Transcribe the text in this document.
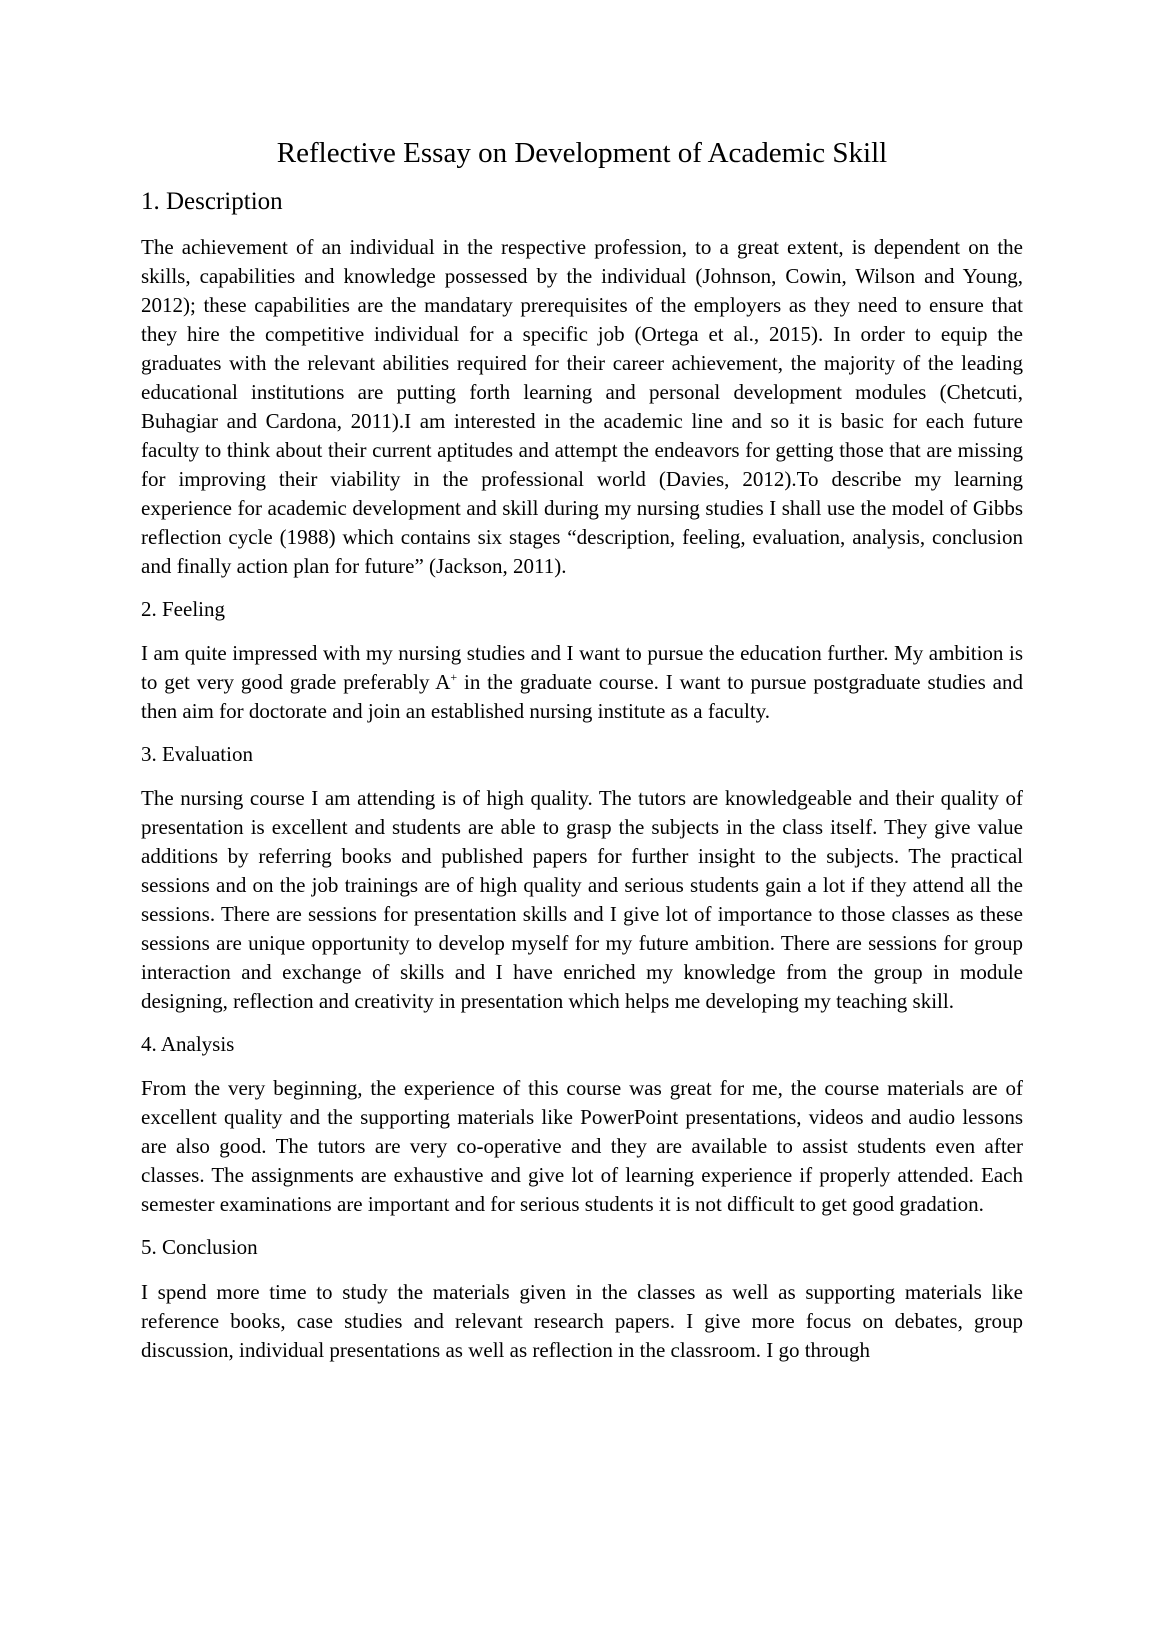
Reflective Essay on Development of Academic Skill
1. Description

The achievement of an individual in the respective profession, to a great extent, is dependent on the skills, capabilities and knowledge possessed by the individual (Johnson, Cowin, Wilson and Young, 2012); these capabilities are the mandatary prerequisites of the employers as they need to ensure that they hire the competitive individual for a specific job (Ortega et al., 2015). In order to equip the graduates with the relevant abilities required for their career achievement, the majority of the leading educational institutions are putting forth learning and personal development modules (Chetcuti, Buhagiar and Cardona, 2011).I am interested in the academic line and so it is basic for each future faculty to think about their current aptitudes and attempt the endeavors for getting those that are missing for improving their viability in the professional world (Davies, 2012).To describe my learning experience for academic development and skill during my nursing studies I shall use the model of Gibbs reflection cycle (1988) which contains six stages “description, feeling, evaluation, analysis, conclusion and finally action plan for future” (Jackson, 2011).

2. Feeling

I am quite impressed with my nursing studies and I want to pursue the education further. My ambition is to get very good grade preferably A+ in the graduate course. I want to pursue postgraduate studies and then aim for doctorate and join an established nursing institute as a faculty.

3. Evaluation

The nursing course I am attending is of high quality. The tutors are knowledgeable and their quality of presentation is excellent and students are able to grasp the subjects in the class itself. They give value additions by referring books and published papers for further insight to the subjects. The practical sessions and on the job trainings are of high quality and serious students gain a lot if they attend all the sessions. There are sessions for presentation skills and I give lot of importance to those classes as these sessions are unique opportunity to develop myself for my future ambition. There are sessions for group interaction and exchange of skills and I have enriched my knowledge from the group in module designing, reflection and creativity in presentation which helps me developing my teaching skill.

4. Analysis

From the very beginning, the experience of this course was great for me, the course materials are of excellent quality and the supporting materials like PowerPoint presentations, videos and audio lessons are also good. The tutors are very co-operative and they are available to assist students even after classes. The assignments are exhaustive and give lot of learning experience if properly attended. Each semester examinations are important and for serious students it is not difficult to get good gradation.

5. Conclusion

I spend more time to study the materials given in the classes as well as supporting materials like reference books, case studies and relevant research papers. I give more focus on debates, group discussion, individual presentations as well as reflection in the classroom. I go through
